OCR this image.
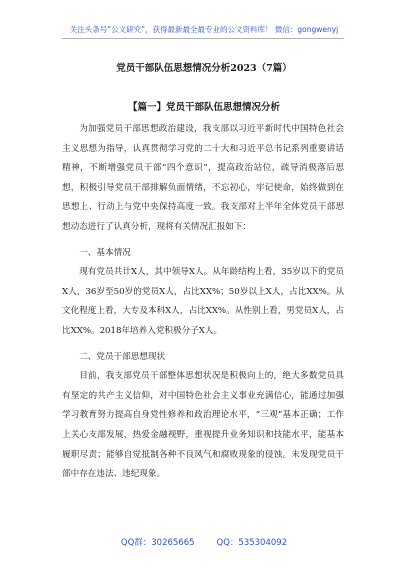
关注头条号“公文研究”，获得最新最全最专业的公文资料库！ 微信：gongwenyj
党员干部队伍思想情况分析2023（7篇）
【篇一】党员干部队伍思想情况分析

为加强党员干部思想政治建设，我支部以习近平新时代中国特色社会主义思想为指导，认真贯彻学习党的二十大和习近平总书记系列重要讲话精神，不断增强党员干部“四个意识”，提高政治站位，疏导消极落后思想，积极引导党员干部排解负面情绪，不忘初心，牢记使命，始终做到在思想上、行动上与党中央保持高度一致。我支部对上半年全体党员干部思想动态进行了认真分析，现将有关情况汇报如下：

一、基本情况

现有党员共计X人，其中领导X人。从年龄结构上看，35岁以下的党员X人，36岁至50岁的党员X人，占比XX%；50岁以上X人，占比XX%。从文化程度上看，大专及本科X人，占比XX%。从性别上看，男党员X人，占比XX%。2018年培养入党积极分子X人。

二、党员干部思想现状

目前，我支部党员干部整体思想状况是积极向上的，绝大多数党员具有坚定的共产主义信仰，对中国特色社会主义事业充满信心，能通过加强学习教育努力提高自身党性修养和政治理论水平，“三观”基本正确；工作上关心支部发展，热爱金融视野，重视提升业务知识和技能水平，能基本履职尽责；能够自觉抵制各种不良风气和腐败现象的侵蚀。未发现党员干部中存在违法、违纪现象。

QQ群：30265665	QQ：535304092
